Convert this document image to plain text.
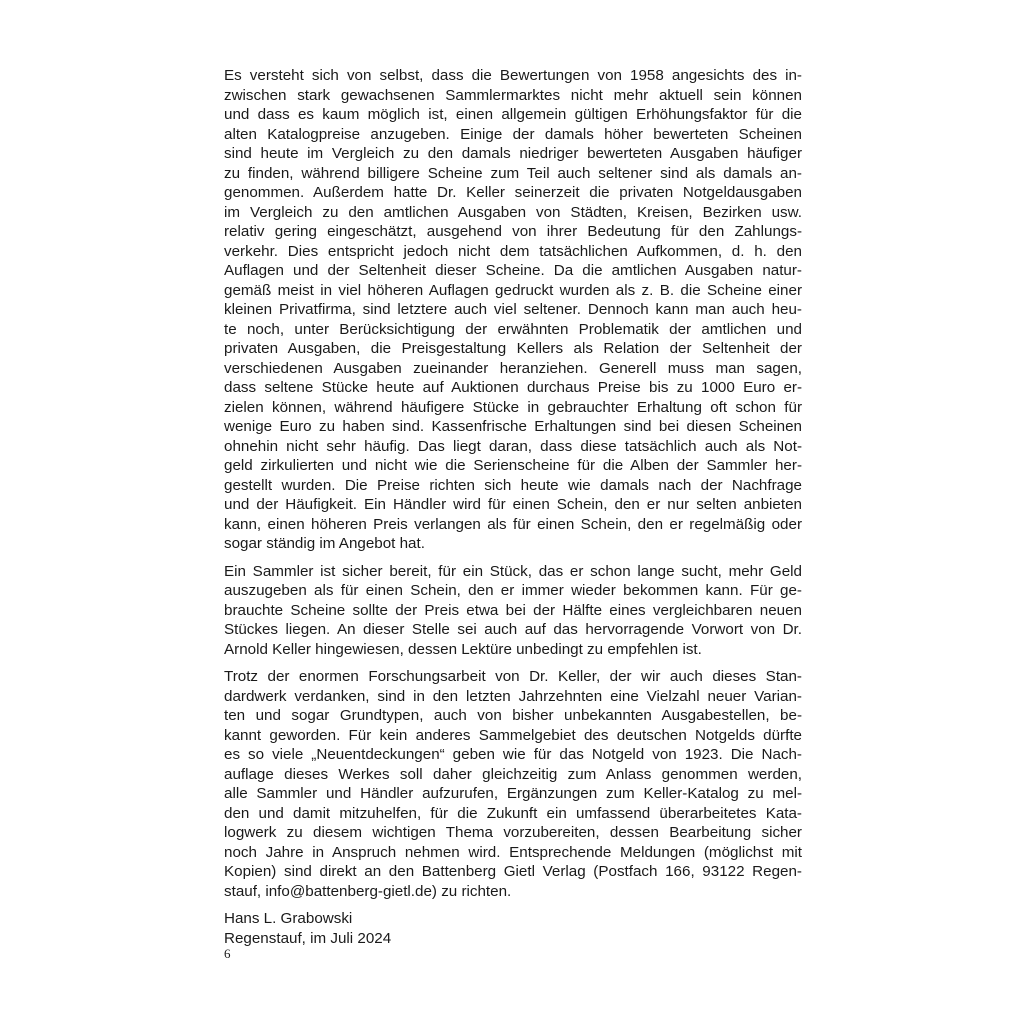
Es versteht sich von selbst, dass die Bewertungen von 1958 angesichts des in-
zwischen stark gewachsenen Sammlermarktes nicht mehr aktuell sein können
und dass es kaum möglich ist, einen allgemein gültigen Erhöhungsfaktor für die
alten Katalogpreise anzugeben. Einige der damals höher bewerteten Scheinen
sind heute im Vergleich zu den damals niedriger bewerteten Ausgaben häufiger
zu finden, während billigere Scheine zum Teil auch seltener sind als damals an-
genommen. Außerdem hatte Dr. Keller seinerzeit die privaten Notgeldausgaben
im Vergleich zu den amtlichen Ausgaben von Städten, Kreisen, Bezirken usw.
relativ gering eingeschätzt, ausgehend von ihrer Bedeutung für den Zahlungs-
verkehr. Dies entspricht jedoch nicht dem tatsächlichen Aufkommen, d. h. den
Auflagen und der Seltenheit dieser Scheine. Da die amtlichen Ausgaben natur-
gemäß meist in viel höheren Auflagen gedruckt wurden als z. B. die Scheine einer
kleinen Privatfirma, sind letztere auch viel seltener. Dennoch kann man auch heu-
te noch, unter Berücksichtigung der erwähnten Problematik der amtlichen und
privaten Ausgaben, die Preisgestaltung Kellers als Relation der Seltenheit der
verschiedenen Ausgaben zueinander heranziehen. Generell muss man sagen,
dass seltene Stücke heute auf Auktionen durchaus Preise bis zu 1000 Euro er-
zielen können, während häufigere Stücke in gebrauchter Erhaltung oft schon für
wenige Euro zu haben sind. Kassenfrische Erhaltungen sind bei diesen Scheinen
ohnehin nicht sehr häufig. Das liegt daran, dass diese tatsächlich auch als Not-
geld zirkulierten und nicht wie die Serienscheine für die Alben der Sammler her-
gestellt wurden. Die Preise richten sich heute wie damals nach der Nachfrage
und der Häufigkeit. Ein Händler wird für einen Schein, den er nur selten anbieten
kann, einen höheren Preis verlangen als für einen Schein, den er regelmäßig oder
sogar ständig im Angebot hat.

Ein Sammler ist sicher bereit, für ein Stück, das er schon lange sucht, mehr Geld
auszugeben als für einen Schein, den er immer wieder bekommen kann. Für ge-
brauchte Scheine sollte der Preis etwa bei der Hälfte eines vergleichbaren neuen
Stückes liegen. An dieser Stelle sei auch auf das hervorragende Vorwort von Dr.
Arnold Keller hingewiesen, dessen Lektüre unbedingt zu empfehlen ist.

Trotz der enormen Forschungsarbeit von Dr. Keller, der wir auch dieses Stan-
dardwerk verdanken, sind in den letzten Jahrzehnten eine Vielzahl neuer Varian-
ten und sogar Grundtypen, auch von bisher unbekannten Ausgabestellen, be-
kannt geworden. Für kein anderes Sammelgebiet des deutschen Notgelds dürfte
es so viele „Neuentdeckungen“ geben wie für das Notgeld von 1923. Die Nach-
auflage dieses Werkes soll daher gleichzeitig zum Anlass genommen werden,
alle Sammler und Händler aufzurufen, Ergänzungen zum Keller-Katalog zu mel-
den und damit mitzuhelfen, für die Zukunft ein umfassend überarbeitetes Kata-
logwerk zu diesem wichtigen Thema vorzubereiten, dessen Bearbeitung sicher
noch Jahre in Anspruch nehmen wird. Entsprechende Meldungen (möglichst mit
Kopien) sind direkt an den Battenberg Gietl Verlag (Postfach 166, 93122 Regen-
stauf, info@battenberg-gietl.de) zu richten.

Hans L. Grabowski
Regenstauf, im Juli 2024

6
